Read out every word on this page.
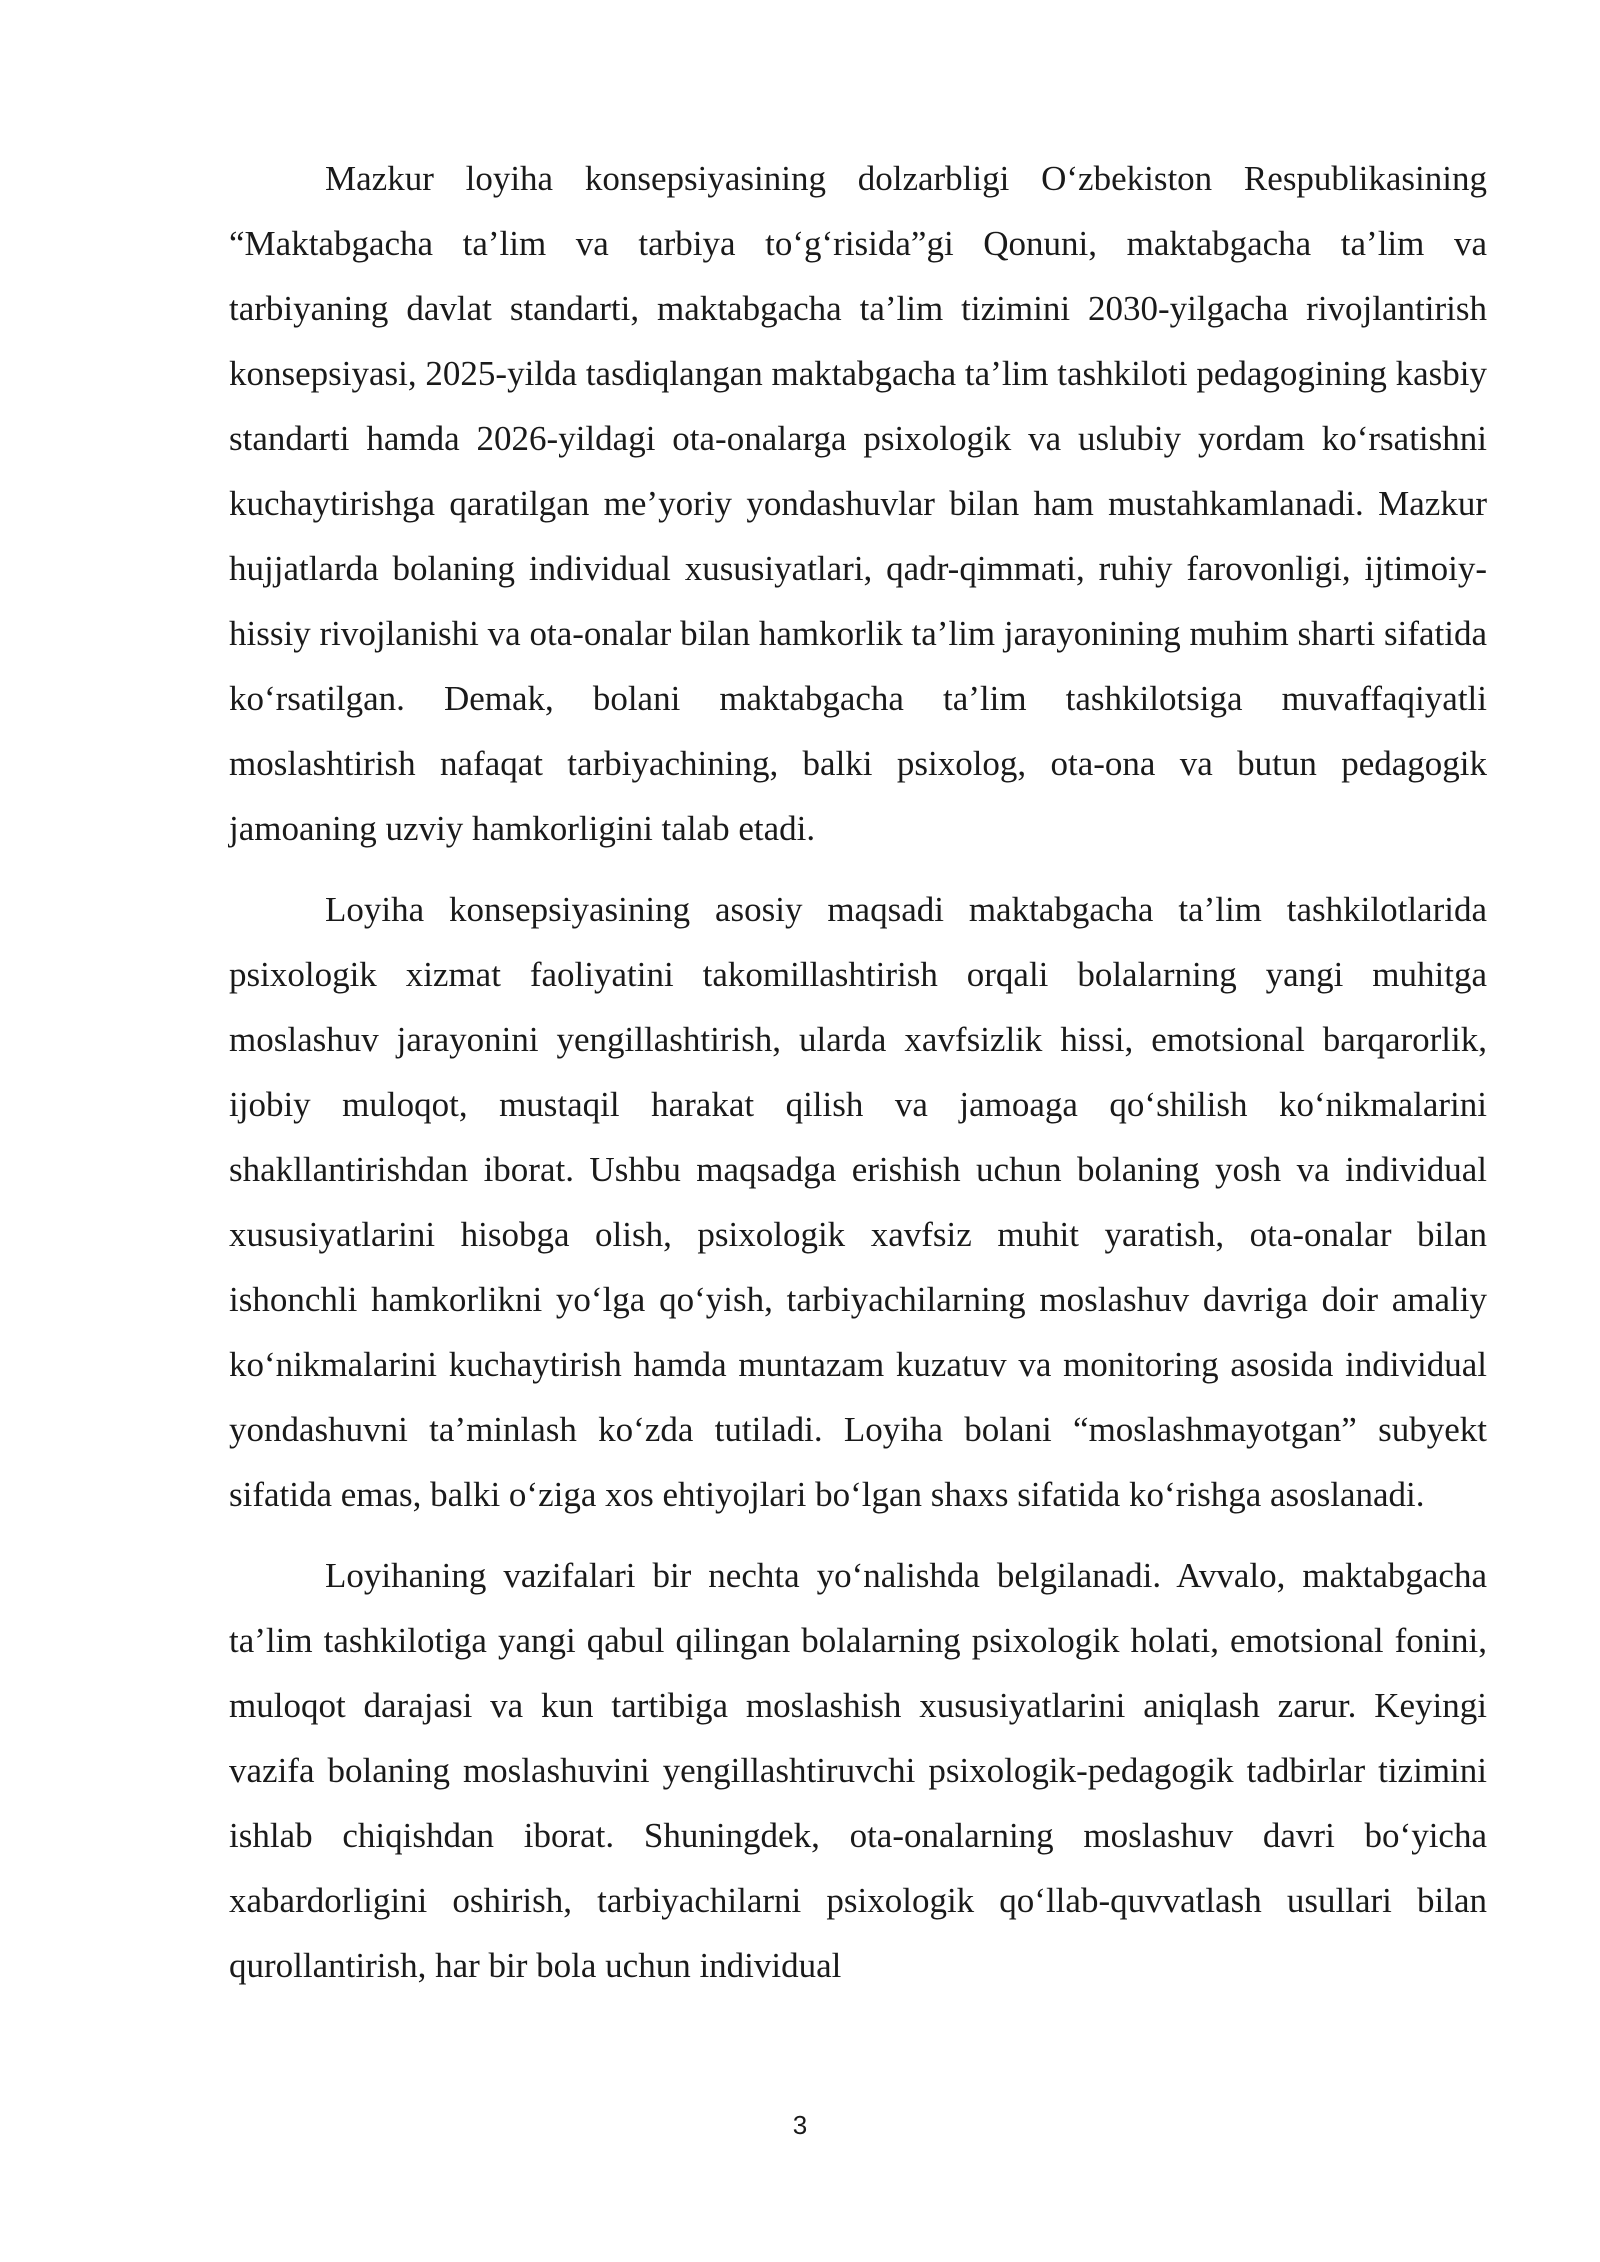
Mazkur loyiha konsepsiyasining dolzarbligi O‘zbekiston Respublikasining “Maktabgacha ta’lim va tarbiya to‘g‘risida”gi Qonuni, maktabgacha ta’lim va tarbiyaning davlat standarti, maktabgacha ta’lim tizimini 2030-yilgacha rivojlantirish konsepsiyasi, 2025-yilda tasdiqlangan maktabgacha ta’lim tashkiloti pedagogining kasbiy standarti hamda 2026-yildagi ota-onalarga psixologik va uslubiy yordam ko‘rsatishni kuchaytirishga qaratilgan me’yoriy yondashuvlar bilan ham mustahkamlanadi. Mazkur hujjatlarda bolaning individual xususiyatlari, qadr-qimmati, ruhiy farovonligi, ijtimoiy-hissiy rivojlanishi va ota-onalar bilan hamkorlik ta’lim jarayonining muhim sharti sifatida ko‘rsatilgan. Demak, bolani maktabgacha ta’lim tashkilotsiga muvaffaqiyatli moslashtirish nafaqat tarbiyachining, balki psixolog, ota-ona va butun pedagogik jamoaning uzviy hamkorligini talab etadi.

Loyiha konsepsiyasining asosiy maqsadi maktabgacha ta’lim tashkilotlarida psixologik xizmat faoliyatini takomillashtirish orqali bolalarning yangi muhitga moslashuv jarayonini yengillashtirish, ularda xavfsizlik hissi, emotsional barqarorlik, ijobiy muloqot, mustaqil harakat qilish va jamoaga qo‘shilish ko‘nikmalarini shakllantirishdan iborat. Ushbu maqsadga erishish uchun bolaning yosh va individual xususiyatlarini hisobga olish, psixologik xavfsiz muhit yaratish, ota-onalar bilan ishonchli hamkorlikni yo‘lga qo‘yish, tarbiyachilarning moslashuv davriga doir amaliy ko‘nikmalarini kuchaytirish hamda muntazam kuzatuv va monitoring asosida individual yondashuvni ta’minlash ko‘zda tutiladi. Loyiha bolani “moslashmayotgan” subyekt sifatida emas, balki o‘ziga xos ehtiyojlari bo‘lgan shaxs sifatida ko‘rishga asoslanadi.

Loyihaning vazifalari bir nechta yo‘nalishda belgilanadi. Avvalo, maktabgacha ta’lim tashkilotiga yangi qabul qilingan bolalarning psixologik holati, emotsional fonini, muloqot darajasi va kun tartibiga moslashish xususiyatlarini aniqlash zarur. Keyingi vazifa bolaning moslashuvini yengillashtiruvchi psixologik-pedagogik tadbirlar tizimini ishlab chiqishdan iborat. Shuningdek, ota-onalarning moslashuv davri bo‘yicha xabardorligini oshirish, tarbiyachilarni psixologik qo‘llab-quvvatlash usullari bilan qurollantirish, har bir bola uchun individual

3
